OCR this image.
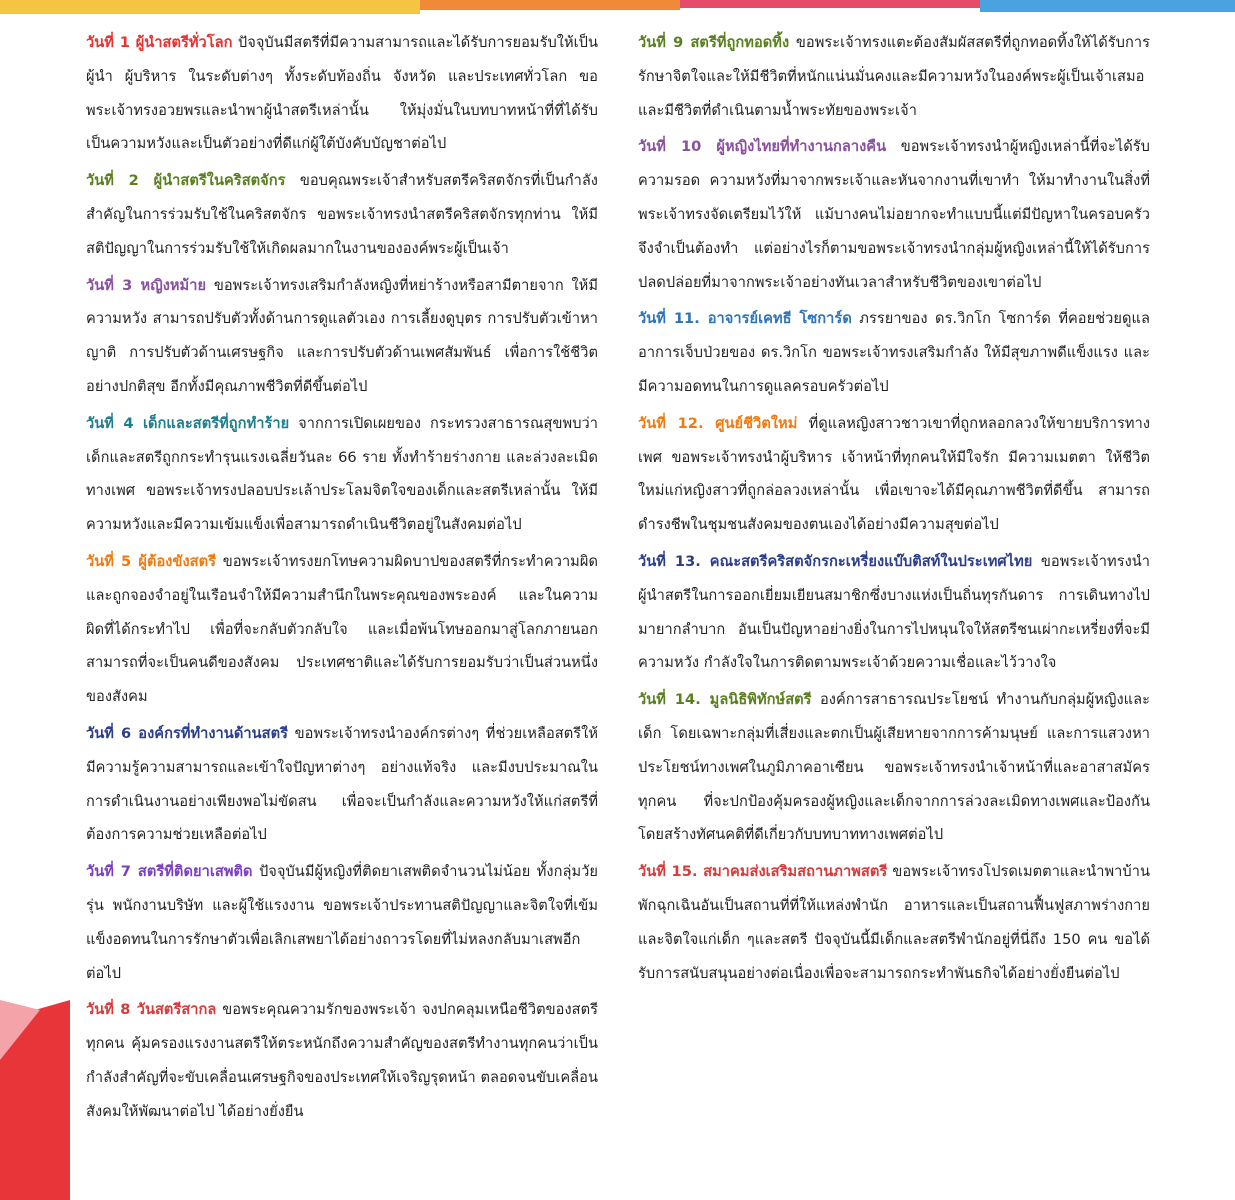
วันที่ 1 ผู้นำสตรีทั่วโลก ปัจจุบันมีสตรีที่มีความสามารถและได้รับการยอมรับให้เป็นผู้นำ ผู้บริหาร ในระดับต่างๆ ทั้งระดับท้องถิ่น จังหวัด และประเทศทั่วโลก ขอพระเจ้าทรงอวยพรและนำพาผู้นำสตรีเหล่านั้น ให้มุ่งมั่นในบทบาทหน้าที่ที่ได้รับ เป็นความหวังและเป็นตัวอย่างที่ดีแก่ผู้ใต้บังคับบัญชาต่อไป

วันที่ 2 ผู้นำสตรีในคริสตจักร ขอบคุณพระเจ้าสำหรับสตรีคริสตจักรที่เป็นกำลังสำคัญในการร่วมรับใช้ในคริสตจักร ขอพระเจ้าทรงนำสตรีคริสตจักรทุกท่าน ให้มีสติปัญญาในการร่วมรับใช้ให้เกิดผลมากในงานขององค์พระผู้เป็นเจ้า

วันที่ 3 หญิงหม้าย ขอพระเจ้าทรงเสริมกำลังหญิงที่หย่าร้างหรือสามีตายจาก ให้มีความหวัง สามารถปรับตัวทั้งด้านการดูแลตัวเอง การเลี้ยงดูบุตร การปรับตัวเข้าหาญาติ การปรับตัวด้านเศรษฐกิจ และการปรับตัวด้านเพศสัมพันธ์ เพื่อการใช้ชีวิตอย่างปกติสุข อีกทั้งมีคุณภาพชีวิตที่ดีขึ้นต่อไป

วันที่ 4 เด็กและสตรีที่ถูกทำร้าย จากการเปิดเผยของ กระทรวงสาธารณสุขพบว่า เด็กและสตรีถูกกระทำรุนแรงเฉลี่ยวันละ 66 ราย ทั้งทำร้ายร่างกาย และล่วงละเมิดทางเพศ ขอพระเจ้าทรงปลอบประเล้าประโลมจิตใจของเด็กและสตรีเหล่านั้น ให้มีความหวังและมีความเข้มแข็งเพื่อสามารถดำเนินชีวิตอยู่ในสังคมต่อไป

วันที่ 5 ผู้ต้องขังสตรี ขอพระเจ้าทรงยกโทษความผิดบาปของสตรีที่กระทำความผิดและถูกจองจำอยู่ในเรือนจำให้มีความสำนึกในพระคุณของพระองค์ และในความผิดที่ได้กระทำไป เพื่อที่จะกลับตัวกลับใจ และเมื่อพ้นโทษออกมาสู่โลกภายนอก สามารถที่จะเป็นคนดีของสังคม ประเทศชาติและได้รับการยอมรับว่าเป็นส่วนหนึ่งของสังคม

วันที่ 6 องค์กรที่ทำงานด้านสตรี ขอพระเจ้าทรงนำองค์กรต่างๆ ที่ช่วยเหลือสตรีให้มีความรู้ความสามารถและเข้าใจปัญหาต่างๆ อย่างแท้จริง และมีงบประมาณในการดำเนินงานอย่างเพียงพอไม่ขัดสน เพื่อจะเป็นกำลังและความหวังให้แก่สตรีที่ต้องการความช่วยเหลือต่อไป

วันที่ 7 สตรีที่ติดยาเสพติด ปัจจุบันมีผู้หญิงที่ติดยาเสพติดจำนวนไม่น้อย ทั้งกลุ่มวัยรุ่น พนักงานบริษัท และผู้ใช้แรงงาน ขอพระเจ้าประทานสติปัญญาและจิตใจที่เข้มแข็งอดทนในการรักษาตัวเพื่อเลิกเสพยาได้อย่างถาวรโดยที่ไม่หลงกลับมาเสพอีกต่อไป

วันที่ 8 วันสตรีสากล ขอพระคุณความรักของพระเจ้า จงปกคลุมเหนือชีวิตของสตรีทุกคน คุ้มครองแรงงานสตรีให้ตระหนักถึงความสำคัญของสตรีทำงานทุกคนว่าเป็นกำลังสำคัญที่จะขับเคลื่อนเศรษฐกิจของประเทศให้เจริญรุดหน้า ตลอดจนขับเคลื่อนสังคมให้พัฒนาต่อไป ได้อย่างยั่งยืน

วันที่ 9 สตรีที่ถูกทอดทิ้ง ขอพระเจ้าทรงแตะต้องสัมผัสสตรีที่ถูกทอดทิ้งให้ได้รับการรักษาจิตใจและให้มีชีวิตที่หนักแน่นมั่นคงและมีความหวังในองค์พระผู้เป็นเจ้าเสมอ และมีชีวิตที่ดำเนินตามน้ำพระทัยของพระเจ้า

วันที่ 10 ผู้หญิงไทยที่ทำงานกลางคืน ขอพระเจ้าทรงนำผู้หญิงเหล่านี้ที่จะได้รับความรอด ความหวังที่มาจากพระเจ้าและหันจากงานที่เขาทำ ให้มาทำงานในสิ่งที่พระเจ้าทรงจัดเตรียมไว้ให้ แม้บางคนไม่อยากจะทำแบบนี้แต่มีปัญหาในครอบครัวจึงจำเป็นต้องทำ แต่อย่างไรก็ตามขอพระเจ้าทรงนำกลุ่มผู้หญิงเหล่านี้ให้ได้รับการปลดปล่อยที่มาจากพระเจ้าอย่างทันเวลาสำหรับชีวิตของเขาต่อไป

วันที่ 11. อาจารย์เคทธี โซการ์ด ภรรยาของ ดร.วิกโก โซการ์ด ที่คอยช่วยดูแลอาการเจ็บป่วยของ ดร.วิกโก ขอพระเจ้าทรงเสริมกำลัง ให้มีสุขภาพดีแข็งแรง และมีความอดทนในการดูแลครอบครัวต่อไป

วันที่ 12. ศูนย์ชีวิตใหม่ ที่ดูแลหญิงสาวชาวเขาที่ถูกหลอกลวงให้ขายบริการทางเพศ ขอพระเจ้าทรงนำผู้บริหาร เจ้าหน้าที่ทุกคนให้มีใจรัก มีความเมตตา ให้ชีวิตใหม่แก่หญิงสาวที่ถูกล่อลวงเหล่านั้น เพื่อเขาจะได้มีคุณภาพชีวิตที่ดีขึ้น สามารถดำรงชีพในชุมชนสังคมของตนเองได้อย่างมีความสุขต่อไป

วันที่ 13. คณะสตรีคริสตจักรกะเหรี่ยงแบ๊บติสท์ในประเทศไทย ขอพระเจ้าทรงนำผู้นำสตรีในการออกเยี่ยมเยียนสมาชิกซึ่งบางแห่งเป็นถิ่นทุรกันดาร การเดินทางไปมายากลำบาก อันเป็นปัญหาอย่างยิ่งในการไปหนุนใจให้สตรีชนเผ่ากะเหรี่ยงที่จะมีความหวัง กำลังใจในการติดตามพระเจ้าด้วยความเชื่อและไว้วางใจ

วันที่ 14. มูลนิธิพิทักษ์สตรี องค์การสาธารณประโยชน์ ทำงานกับกลุ่มผู้หญิงและเด็ก โดยเฉพาะกลุ่มที่เสี่ยงและตกเป็นผู้เสียหายจากการค้ามนุษย์ และการแสวงหาประโยชน์ทางเพศในภูมิภาคอาเซียน ขอพระเจ้าทรงนำเจ้าหน้าที่และอาสาสมัครทุกคน ที่จะปกป้องคุ้มครองผู้หญิงและเด็กจากการล่วงละเมิดทางเพศและป้องกัน โดยสร้างทัศนคติที่ดีเกี่ยวกับบทบาททางเพศต่อไป

วันที่ 15. สมาคมส่งเสริมสถานภาพสตรี ขอพระเจ้าทรงโปรดเมตตาและนำพาบ้านพักฉุกเฉินอันเป็นสถานที่ที่ให้แหล่งพำนัก อาหารและเป็นสถานฟื้นฟูสภาพร่างกายและจิตใจแก่เด็ก ๆและสตรี ปัจจุบันนี้มีเด็กและสตรีพำนักอยู่ที่นี่ถึง 150 คน ขอได้รับการสนับสนุนอย่างต่อเนื่องเพื่อจะสามารถกระทำพันธกิจได้อย่างยั่งยืนต่อไป
